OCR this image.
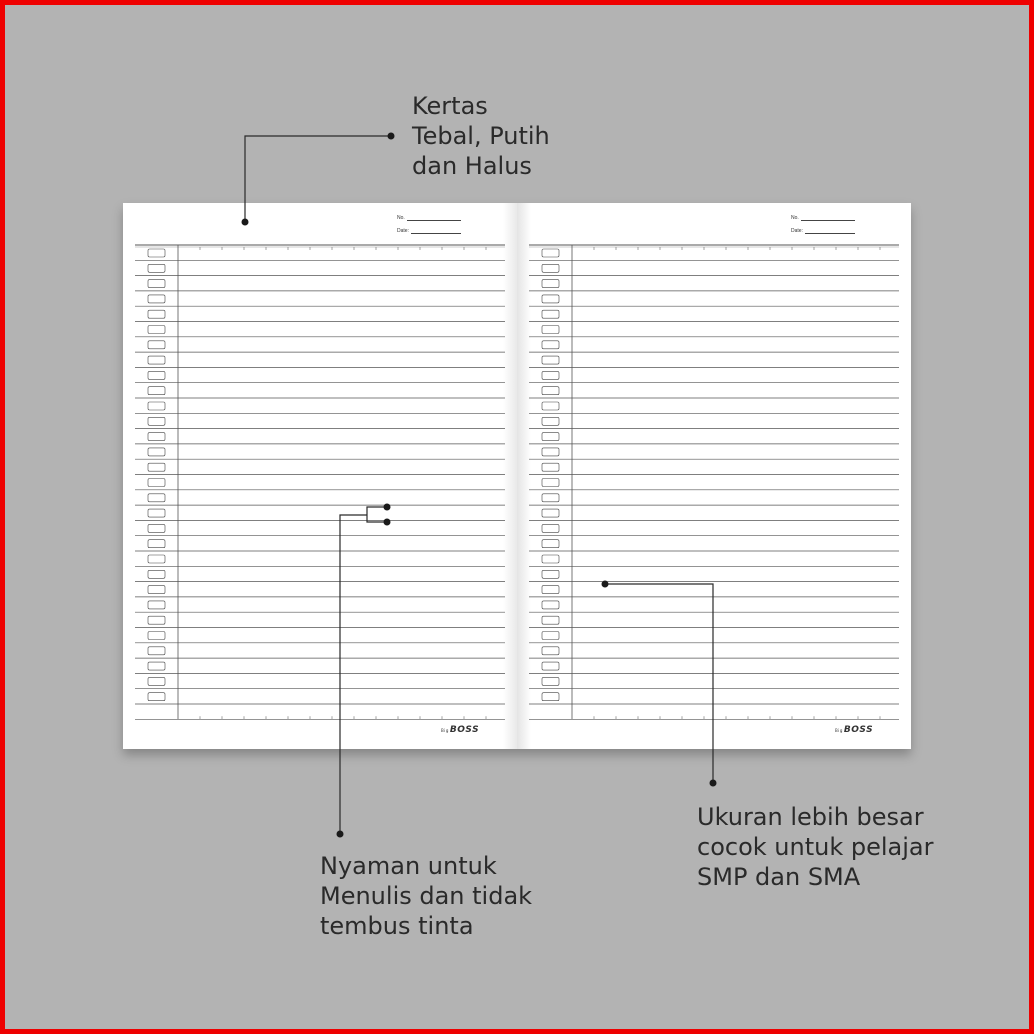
No.
Date:
BigBOSS
No.
Date:
BigBOSS
Kertas
Tebal, Putih
dan Halus
Nyaman untuk
Menulis dan tidak
tembus tinta
Ukuran lebih besar
cocok untuk pelajar
SMP dan SMA
